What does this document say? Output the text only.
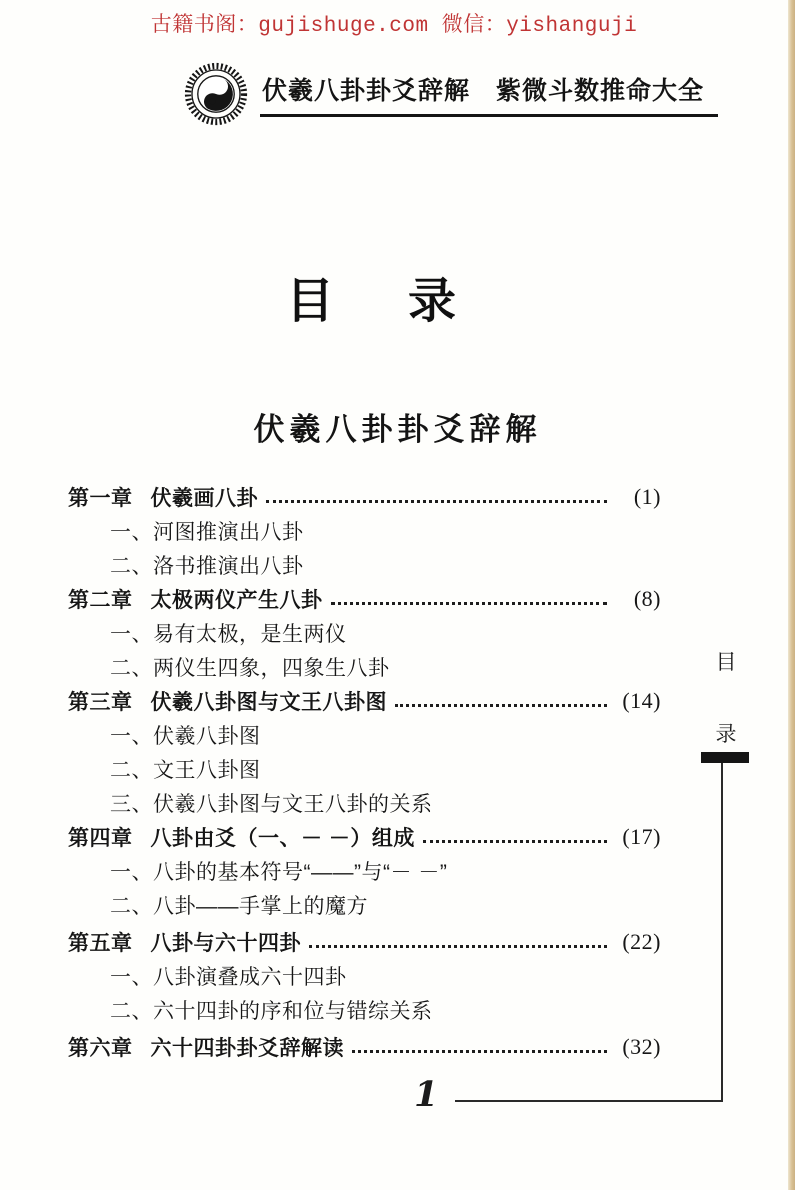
古籍书阁：gujishuge.com 微信：yishanguji
伏羲八卦卦爻辞解　紫微斗数推命大全
目 录
伏羲八卦卦爻辞解
第一章 伏羲画八卦	(1)
一、河图推演出八卦
二、洛书推演出八卦
第二章 太极两仪产生八卦	(8)
一、易有太极，是生两仪
二、两仪生四象，四象生八卦
第三章 伏羲八卦图与文王八卦图	(14)
一、伏羲八卦图
二、文王八卦图
三、伏羲八卦图与文王八卦的关系
第四章 八卦由爻（一、－ －）组成	(17)
一、八卦的基本符号“——”与“－ －”
二、八卦——手掌上的魔方
第五章 八卦与六十四卦	(22)
一、八卦演叠成六十四卦
二、六十四卦的序和位与错综关系
第六章 六十四卦卦爻辞解读	(32)
目
录
1
